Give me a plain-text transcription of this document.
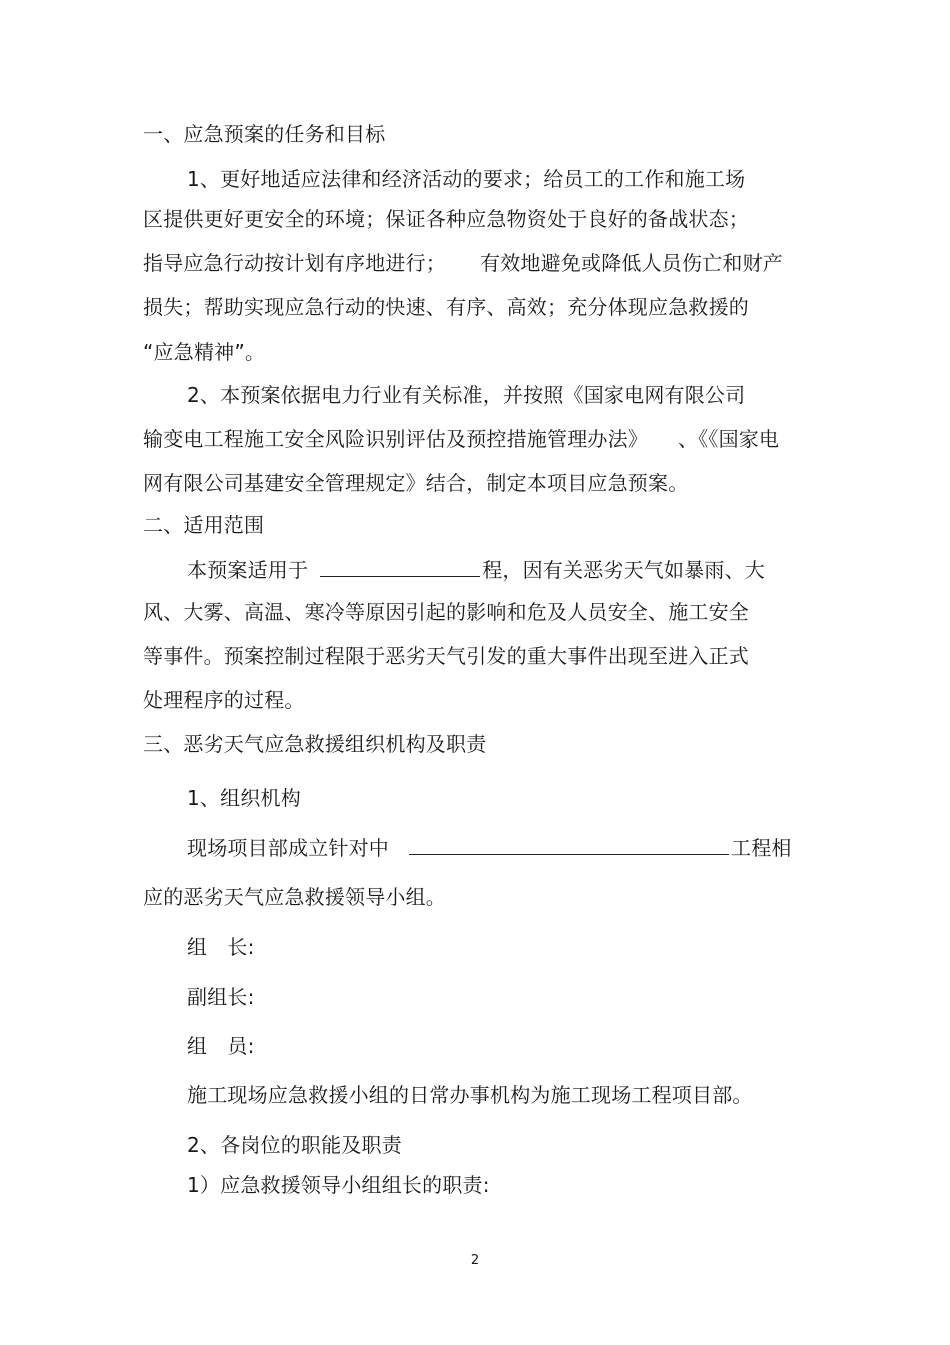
一、应急预案的任务和目标
1、更好地适应法律和经济活动的要求；给员工的工作和施工场
区提供更好更安全的环境；保证各种应急物资处于良好的备战状态；
指导应急行动按计划有序地进行； 有效地避免或降低人员伤亡和财产
损失；帮助实现应急行动的快速、有序、高效；充分体现应急救援的
“应急精神”。
2、本预案依据电力行业有关标准，并按照《国家电网有限公司
输变电工程施工安全风险识别评估及预控措施管理办法》 、《《国家电
网有限公司基建安全管理规定》结合，制定本项目应急预案。
二、适用范围
本预案适用于	程，因有关恶劣天气如暴雨、大
风、大雾、高温、寒冷等原因引起的影响和危及人员安全、施工安全
等事件。预案控制过程限于恶劣天气引发的重大事件出现至进入正式
处理程序的过程。
三、恶劣天气应急救援组织机构及职责
1、组织机构
现场项目部成立针对中	工程相
应的恶劣天气应急救援领导小组。
组　长:
副组长:
组　员:
施工现场应急救援小组的日常办事机构为施工现场工程项目部。
2、各岗位的职能及职责
1）应急救援领导小组组长的职责:
2
